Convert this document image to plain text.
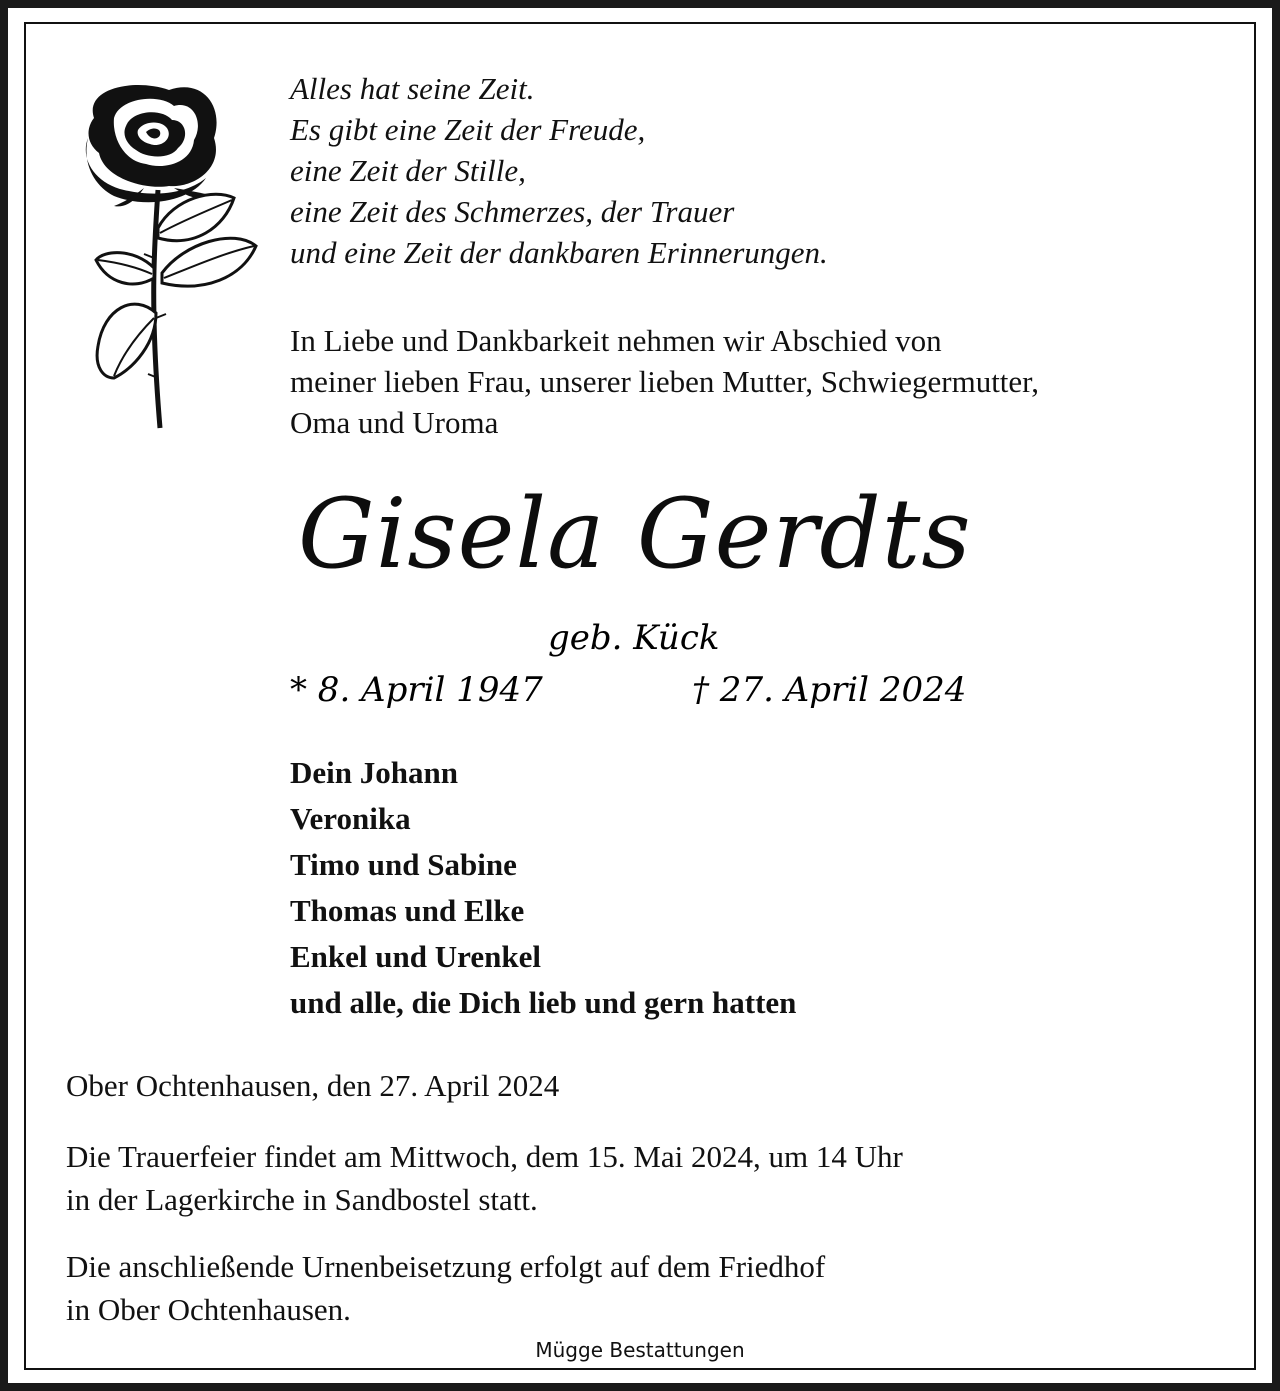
Alles hat seine Zeit.
Es gibt eine Zeit der Freude,
eine Zeit der Stille,
eine Zeit des Schmerzes, der Trauer
und eine Zeit der dankbaren Erinnerungen.
In Liebe und Dankbarkeit nehmen wir Abschied von
meiner lieben Frau, unserer lieben Mutter, Schwiegermutter,
Oma und Uroma
Gisela Gerdts
geb. Kück
* 8. April 1947	† 27. April 2024
Dein Johann
Veronika
Timo und Sabine
Thomas und Elke
Enkel und Urenkel
und alle, die Dich lieb und gern hatten
Ober Ochtenhausen, den 27. April 2024
Die Trauerfeier findet am Mittwoch, dem 15. Mai 2024, um 14 Uhr
in der Lagerkirche in Sandbostel statt.
Die anschließende Urnenbeisetzung erfolgt auf dem Friedhof
in Ober Ochtenhausen.
Mügge Bestattungen
